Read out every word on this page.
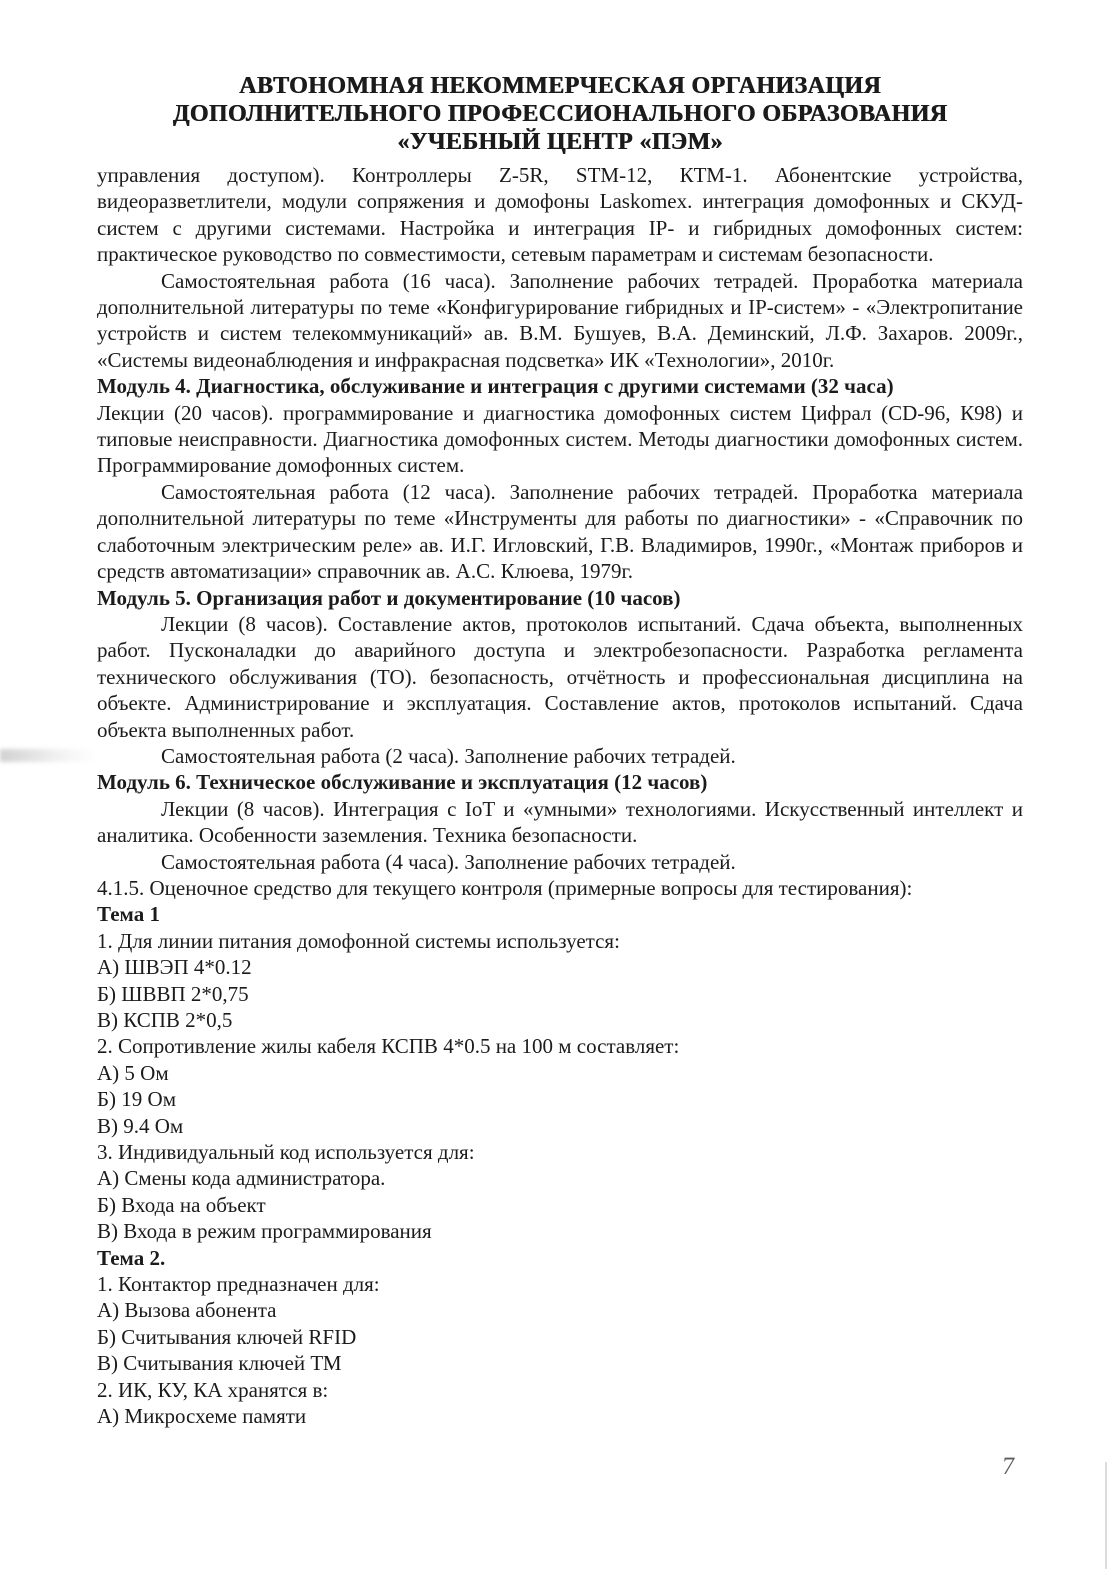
АВТОНОМНАЯ НЕКОММЕРЧЕСКАЯ ОРГАНИЗАЦИЯ
ДОПОЛНИТЕЛЬНОГО ПРОФЕССИОНАЛЬНОГО ОБРАЗОВАНИЯ
«УЧЕБНЫЙ ЦЕНТР «ПЭМ»
управления доступом). Контроллеры Z-5R, STM-12, КТМ-1. Абонентские устройства, видеоразветлители, модули сопряжения и домофоны Laskomex. интеграция домофонных и СКУД-систем с другими системами. Настройка и интеграция IP- и гибридных домофонных систем: практическое руководство по совместимости, сетевым параметрам и системам безопасности.
Самостоятельная работа (16 часа). Заполнение рабочих тетрадей. Проработка материала дополнительной литературы по теме «Конфигурирование гибридных и IP-систем» - «Электропитание устройств и систем телекоммуникаций» ав. В.М. Бушуев, В.А. Деминский, Л.Ф. Захаров. 2009г., «Системы видеонаблюдения и инфракрасная подсветка» ИК «Технологии», 2010г.
Модуль 4. Диагностика, обслуживание и интеграция с другими системами (32 часа)
Лекции (20 часов). программирование и диагностика домофонных систем Цифрал (CD-96, К98) и типовые неисправности. Диагностика домофонных систем. Методы диагностики домофонных систем. Программирование домофонных систем.
Самостоятельная работа (12 часа). Заполнение рабочих тетрадей. Проработка материала дополнительной литературы по теме «Инструменты для работы по диагностики» - «Справочник по слаботочным электрическим реле» ав. И.Г. Игловский, Г.В. Владимиров, 1990г., «Монтаж приборов и средств автоматизации» справочник ав. А.С. Клюева, 1979г.
Модуль 5. Организация работ и документирование (10 часов)
Лекции (8 часов). Составление актов, протоколов испытаний. Сдача объекта, выполненных работ. Пусконаладки до аварийного доступа и электробезопасности. Разработка регламента технического обслуживания (ТО). безопасность, отчётность и профессиональная дисциплина на объекте. Администрирование и эксплуатация. Составление актов, протоколов испытаний. Сдача объекта выполненных работ.
Самостоятельная работа (2 часа). Заполнение рабочих тетрадей.
Модуль 6. Техническое обслуживание и эксплуатация (12 часов)
Лекции (8 часов). Интеграция с IoT и «умными» технологиями. Искусственный интеллект и аналитика. Особенности заземления. Техника безопасности.
Самостоятельная работа (4 часа). Заполнение рабочих тетрадей.
4.1.5. Оценочное средство для текущего контроля (примерные вопросы для тестирования):
Тема 1
1. Для линии питания домофонной системы используется:
А) ШВЭП 4*0.12
Б) ШВВП 2*0,75
В) КСПВ 2*0,5
2. Сопротивление жилы кабеля КСПВ 4*0.5 на 100 м составляет:
А) 5 Ом
Б) 19 Ом
В) 9.4 Ом
3. Индивидуальный код используется для:
А) Смены кода администратора.
Б) Входа на объект
В) Входа в режим программирования
Тема 2.
1. Контактор предназначен для:
А) Вызова абонента
Б) Считывания ключей RFID
В) Считывания ключей ТМ
2. ИК, КУ, КА хранятся в:
А) Микросхеме памяти
7
